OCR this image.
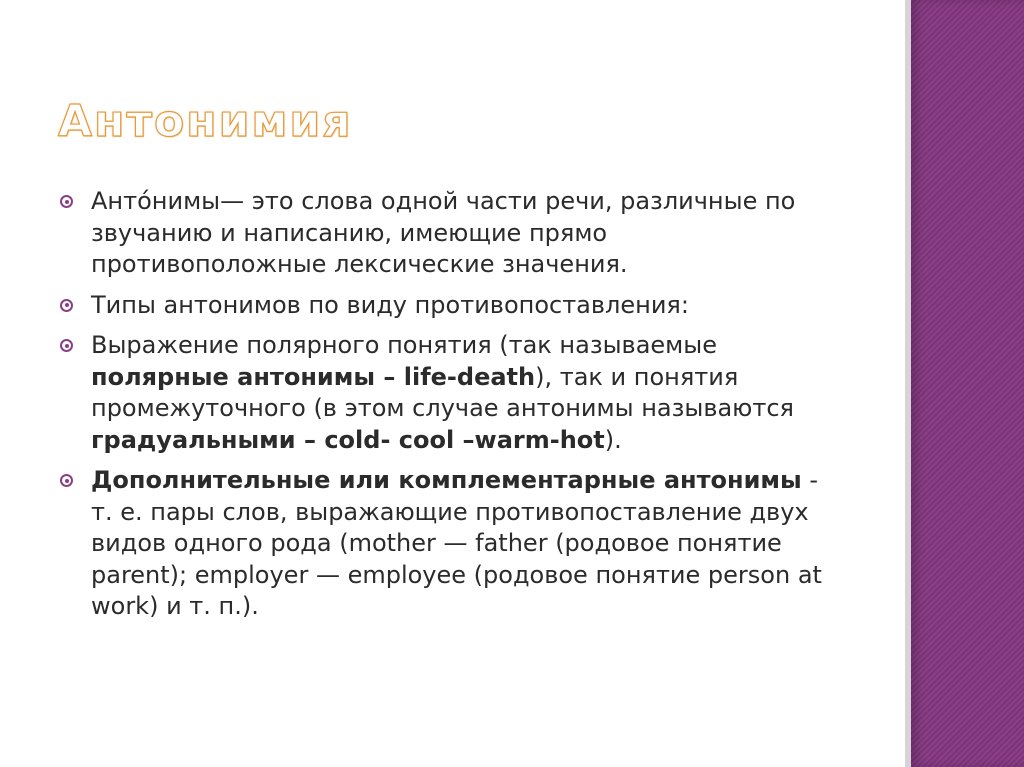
Антонимия
Анто́нимы— это слова одной части речи, различные по звучанию и написанию, имеющие прямо противоположные лексические значения.
Типы антонимов по виду противопоставления:
Выражение полярного понятия (так называемые полярные антонимы – life-death), так и понятия промежуточного (в этом случае антонимы называются градуальными – cold- cool –warm-hot).
Дополнительные или комплементарные антонимы - т. е. пары слов, выражающие противопоставление двух видов одного рода (mother — father (родовое понятие parent); employer — employee (родовое понятие person at work) и т. п.).
